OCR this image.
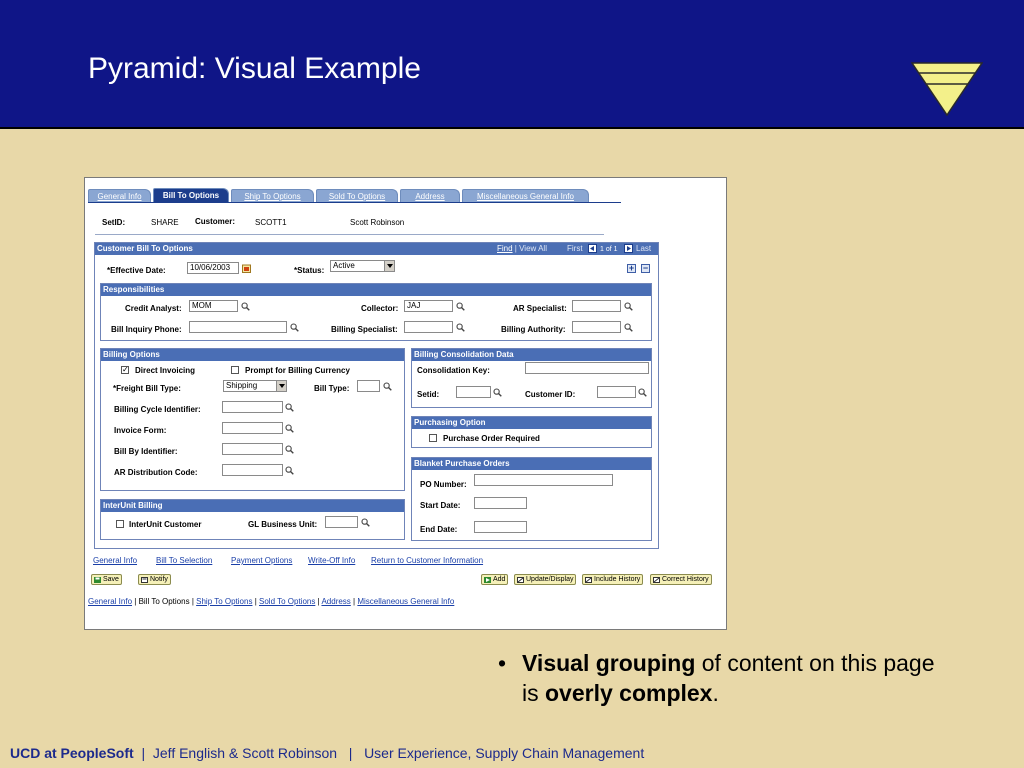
Pyramid: Visual Example
General Info	Bill To Options	Ship To Options	Sold To Options	Address	Miscellaneous General Info
SetID:	SHARE Customer: SCOTT1	Scott Robinson
Customer Bill To Options	Find | View All	First 1 of 1 Last
*Effective Date:	10/06/2003	*Status:
Active	+ −
Responsibilities
Credit Analyst:	MOM	Collector:	JAJ	AR Specialist:
Bill Inquiry Phone:	Billing Specialist:	Billing Authority:
Billing Options
✓ Direct Invoicing	Prompt for Billing Currency
*Freight Bill Type:	Shipping	Bill Type:
Billing Cycle Identifier:
Invoice Form:
Bill By Identifier:
AR Distribution Code:
Billing Consolidation Data
Consolidation Key:
Setid:	Customer ID:
Purchasing Option
Purchase Order Required
Blanket Purchase Orders
PO Number:
Start Date:
End Date:
InterUnit Billing
InterUnit Customer	GL Business Unit:
General Info Bill To Selection Payment Options Write-Off Info Return to Customer Information
Save	Notify	Add	Update/Display	Include History	Correct History
General Info | Bill To Options | Ship To Options | Sold To Options | Address | Miscellaneous General Info
• Visual grouping of content on this page is overly complex.
UCD at PeopleSoft | Jeff English & Scott Robinson | User Experience, Supply Chain Management
